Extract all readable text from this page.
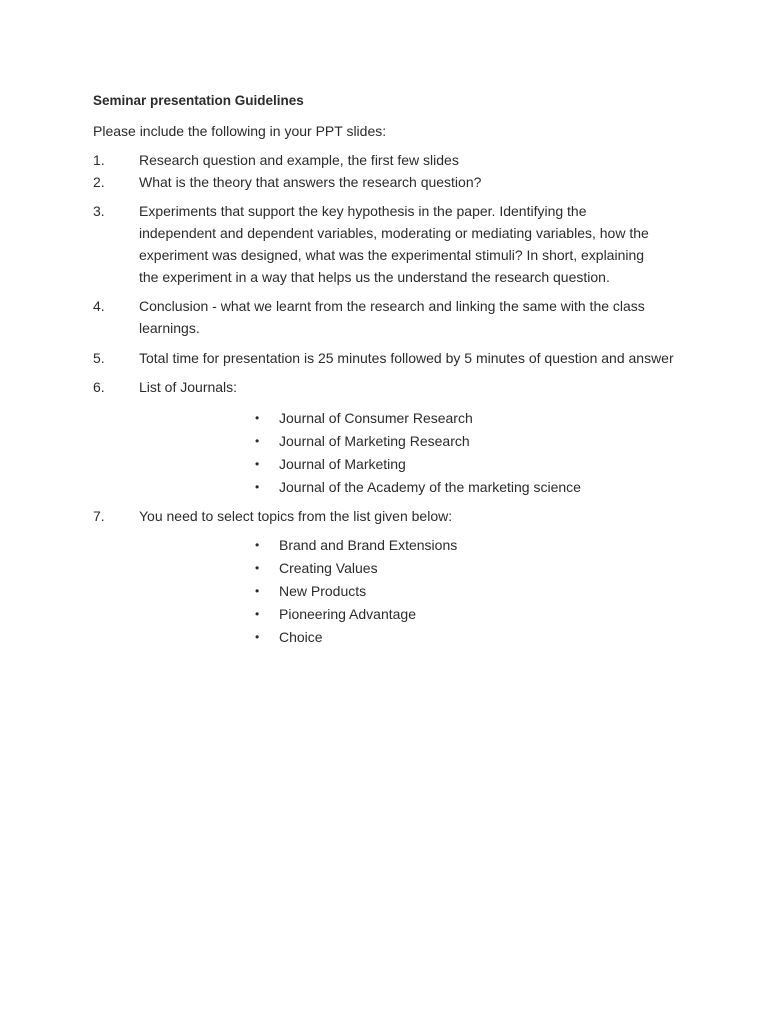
Seminar presentation Guidelines
Please include the following in your PPT slides:
1. Research question and example, the first few slides
2. What is the theory that answers the research question?
3. Experiments that support the key hypothesis in the paper. Identifying the independent and dependent variables, moderating or mediating variables, how the experiment was designed, what was the experimental stimuli? In short, explaining the experiment in a way that helps us the understand the research question.
4. Conclusion - what we learnt from the research and linking the same with the class learnings.
5. Total time for presentation is 25 minutes followed by 5 minutes of question and answer
6. List of Journals:
• Journal of Consumer Research
• Journal of Marketing Research
• Journal of Marketing
• Journal of the Academy of the marketing science
7. You need to select topics from the list given below:
• Brand and Brand Extensions
• Creating Values
• New Products
• Pioneering Advantage
• Choice
